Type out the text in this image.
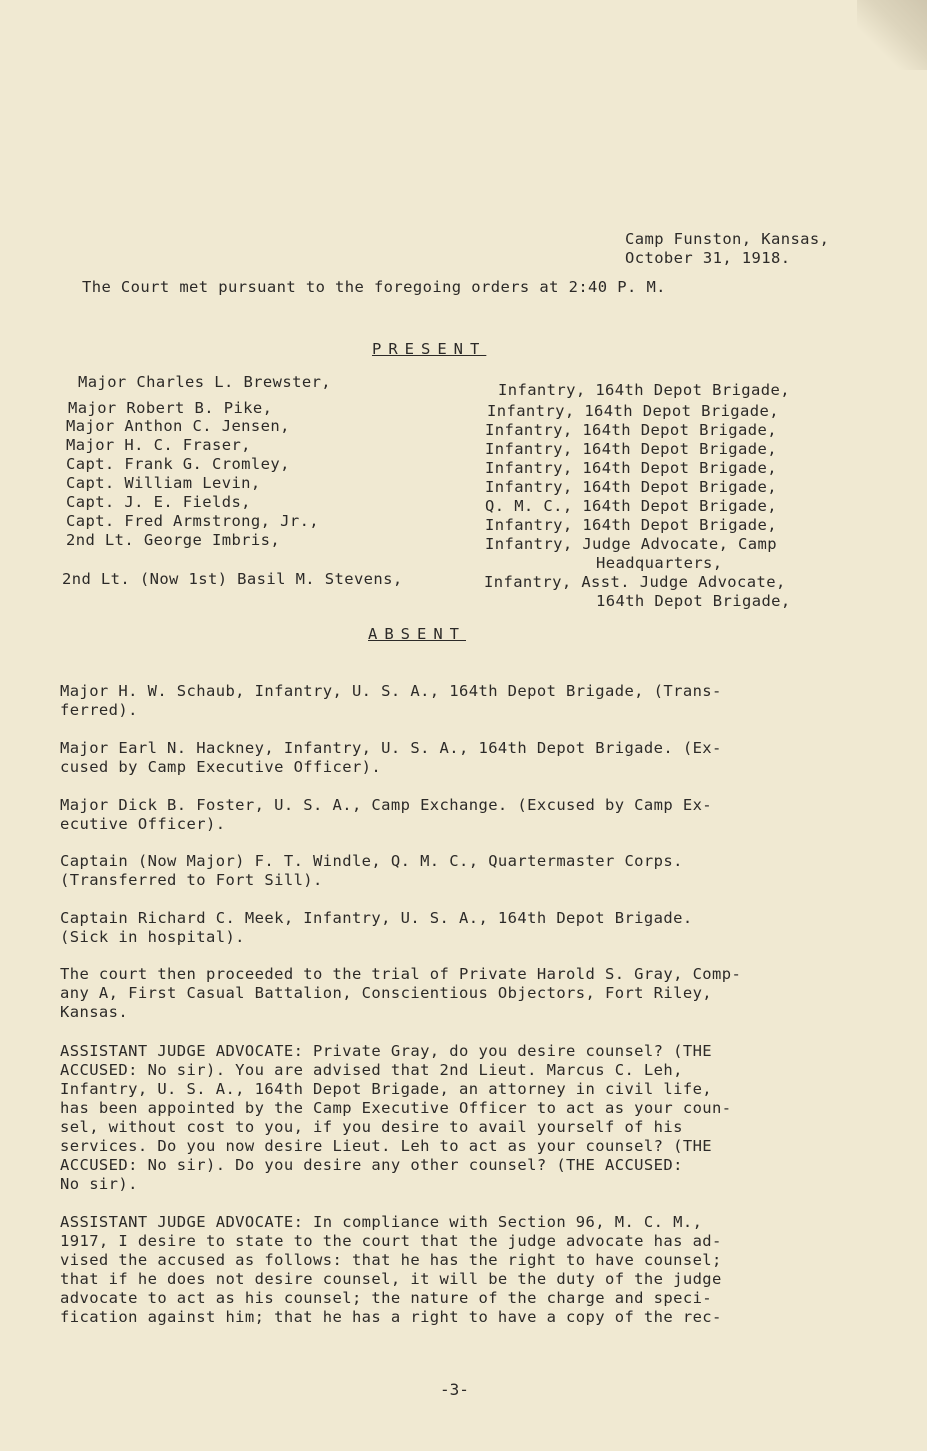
Camp Funston, Kansas,
October 31, 1918.
The Court met pursuant to the foregoing orders at 2:40 P. M.
PRESENT
Major Charles L. Brewster,	Infantry, 164th Depot Brigade,
Major Robert B. Pike,	Infantry, 164th Depot Brigade,
Major Anthon C. Jensen,	Infantry, 164th Depot Brigade,
Major H. C. Fraser,	Infantry, 164th Depot Brigade,
Capt. Frank G. Cromley,	Infantry, 164th Depot Brigade,
Capt. William Levin,	Infantry, 164th Depot Brigade,
Capt. J. E. Fields,	Q. M. C., 164th Depot Brigade,
Capt. Fred Armstrong, Jr.,	Infantry, 164th Depot Brigade,
2nd Lt. George Imbris,	Infantry, Judge Advocate, Camp
Headquarters,
2nd Lt. (Now 1st) Basil M. Stevens,	Infantry, Asst. Judge Advocate,
164th Depot Brigade,
ABSENT
Major H. W. Schaub, Infantry, U. S. A., 164th Depot Brigade, (Trans-
ferred).
Major Earl N. Hackney, Infantry, U. S. A., 164th Depot Brigade. (Ex-
cused by Camp Executive Officer).
Major Dick B. Foster, U. S. A., Camp Exchange. (Excused by Camp Ex-
ecutive Officer).
Captain (Now Major) F. T. Windle, Q. M. C., Quartermaster Corps.
(Transferred to Fort Sill).
Captain Richard C. Meek, Infantry, U. S. A., 164th Depot Brigade.
(Sick in hospital).
The court then proceeded to the trial of Private Harold S. Gray, Comp-
any A, First Casual Battalion, Conscientious Objectors, Fort Riley,
Kansas.
ASSISTANT JUDGE ADVOCATE: Private Gray, do you desire counsel? (THE
ACCUSED: No sir). You are advised that 2nd Lieut. Marcus C. Leh,
Infantry, U. S. A., 164th Depot Brigade, an attorney in civil life,
has been appointed by the Camp Executive Officer to act as your coun-
sel, without cost to you, if you desire to avail yourself of his
services. Do you now desire Lieut. Leh to act as your counsel? (THE
ACCUSED: No sir). Do you desire any other counsel? (THE ACCUSED:
No sir).
ASSISTANT JUDGE ADVOCATE: In compliance with Section 96, M. C. M.,
1917, I desire to state to the court that the judge advocate has ad-
vised the accused as follows: that he has the right to have counsel;
that if he does not desire counsel, it will be the duty of the judge
advocate to act as his counsel; the nature of the charge and speci-
fication against him; that he has a right to have a copy of the rec-
-3-
